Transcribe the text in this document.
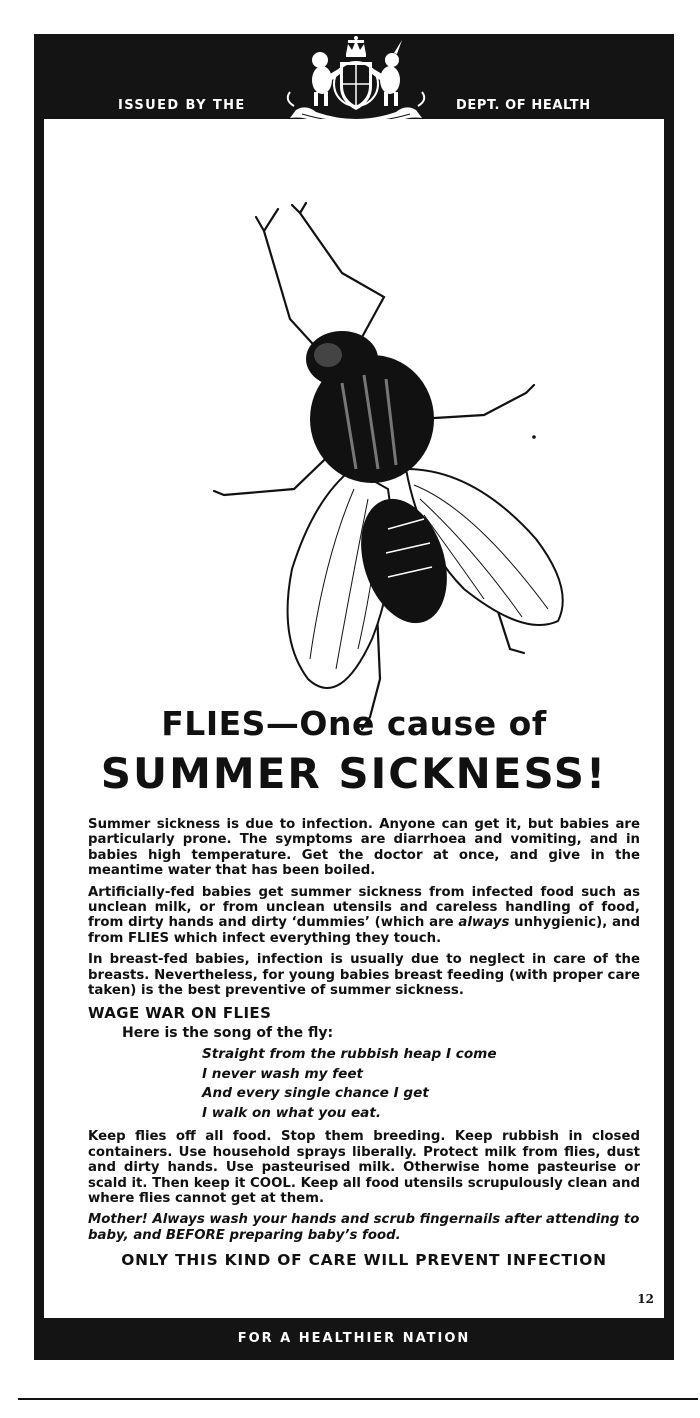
ISSUED BY THE	DEPT. OF HEALTH
FLIES—One cause of
SUMMER SICKNESS!

Summer sickness is due to infection. Anyone can get it, but babies are particularly prone. The symptoms are diarrhoea and vomiting, and in babies high temperature. Get the doctor at once, and give in the meantime water that has been boiled.

Artificially-fed babies get summer sickness from infected food such as unclean milk, or from unclean utensils and careless handling of food, from dirty hands and dirty ‘dummies’ (which are always unhygienic), and from FLIES which infect everything they touch.

In breast-fed babies, infection is usually due to neglect in care of the breasts. Nevertheless, for young babies breast feeding (with proper care taken) is the best preventive of summer sickness.

WAGE WAR ON FLIES
Here is the song of the fly:
Straight from the rubbish heap I come
I never wash my feet
And every single chance I get
I walk on what you eat.

Keep flies off all food. Stop them breeding. Keep rubbish in closed containers. Use household sprays liberally. Protect milk from flies, dust and dirty hands. Use pasteurised milk. Otherwise home pasteurise or scald it. Then keep it COOL. Keep all food utensils scrupulously clean and where flies cannot get at them.

Mother! Always wash your hands and scrub fingernails after attending to baby, and BEFORE preparing baby’s food.

ONLY THIS KIND OF CARE WILL PREVENT INFECTION
12
FOR A HEALTHIER NATION
